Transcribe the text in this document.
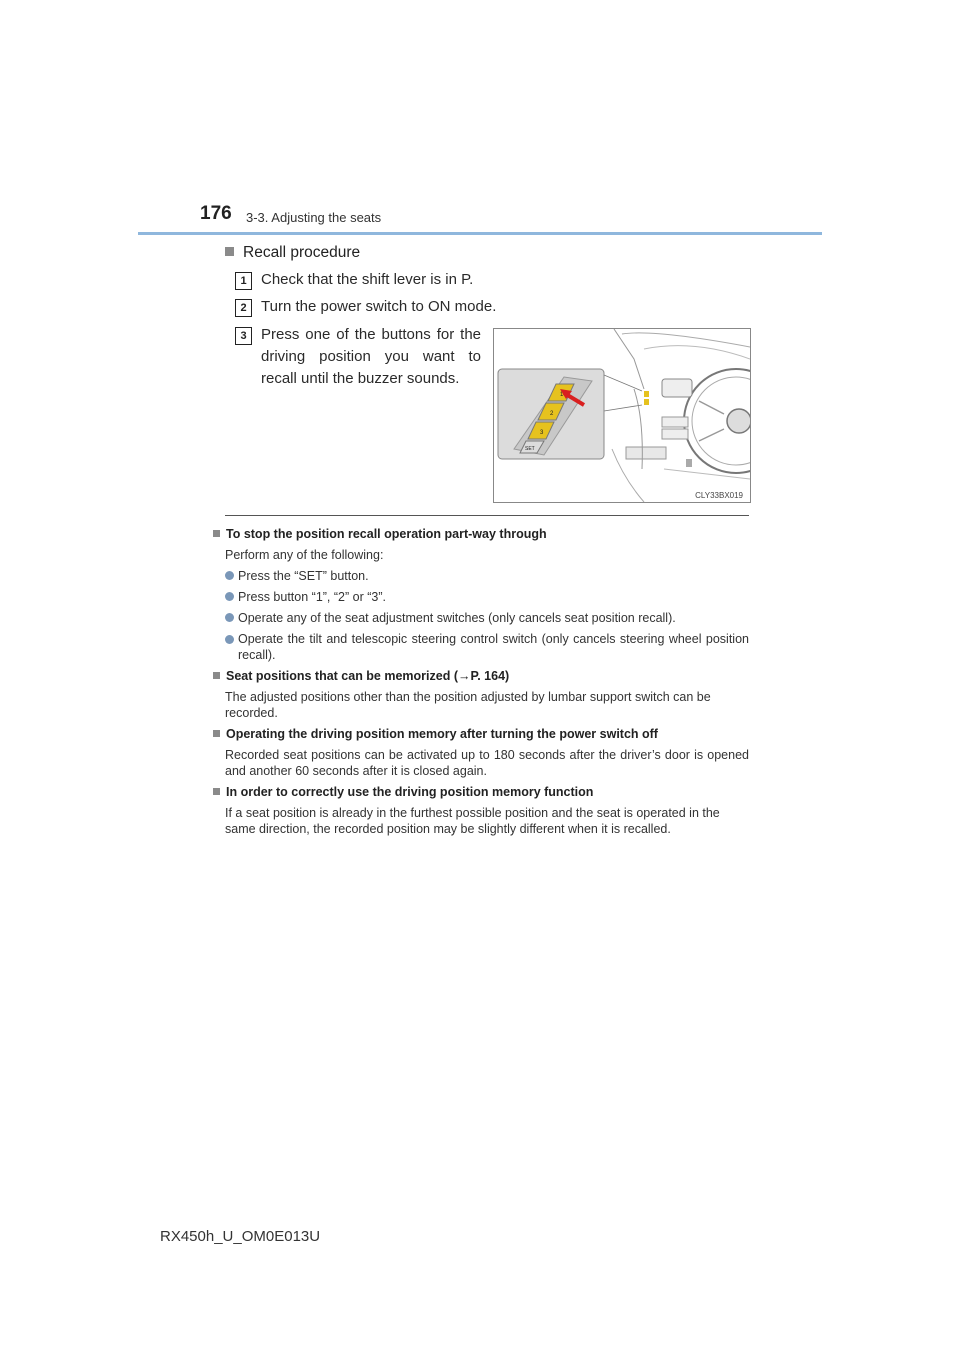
176 3-3. Adjusting the seats
Recall procedure
1 Check that the shift lever is in P.
2 Turn the power switch to ON mode.
3 Press one of the buttons for the driving position you want to recall until the buzzer sounds.
1
2
3
SET
CLY33BX019
To stop the position recall operation part-way through
Perform any of the following:
Press the “SET” button.
Press button “1”, “2” or “3”.
Operate any of the seat adjustment switches (only cancels seat position recall).
Operate the tilt and telescopic steering control switch (only cancels steering wheel position recall).
Seat positions that can be memorized (→P. 164)
The adjusted positions other than the position adjusted by lumbar support switch can be recorded.
Operating the driving position memory after turning the power switch off
Recorded seat positions can be activated up to 180 seconds after the driver’s door is opened and another 60 seconds after it is closed again.
In order to correctly use the driving position memory function
If a seat position is already in the furthest possible position and the seat is operated in the same direction, the recorded position may be slightly different when it is recalled.
RX450h_U_OM0E013U
